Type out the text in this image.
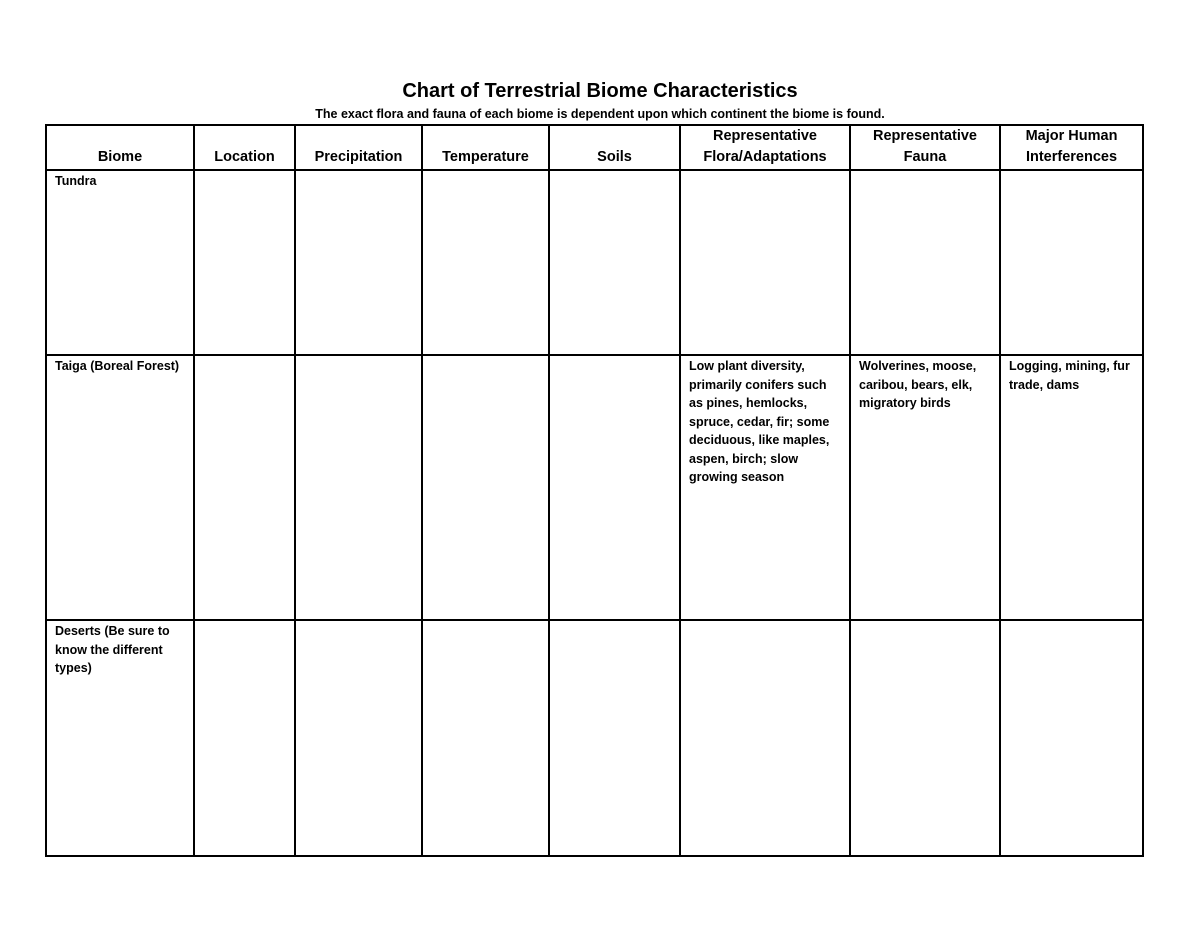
Chart of Terrestrial Biome Characteristics
The exact flora and fauna of each biome is dependent upon which continent the biome is found.
Biome	Location	Precipitation	Temperature	Soils	Representative Flora/Adaptations	Representative Fauna	Major Human Interferences
Tundra							
Taiga (Boreal Forest)					Low plant diversity, primarily conifers such as pines, hemlocks, spruce, cedar, fir; some deciduous, like maples, aspen, birch; slow growing season	Wolverines, moose, caribou, bears, elk, migratory birds	Logging, mining, fur trade, dams
Deserts (Be sure to know the different types)							
